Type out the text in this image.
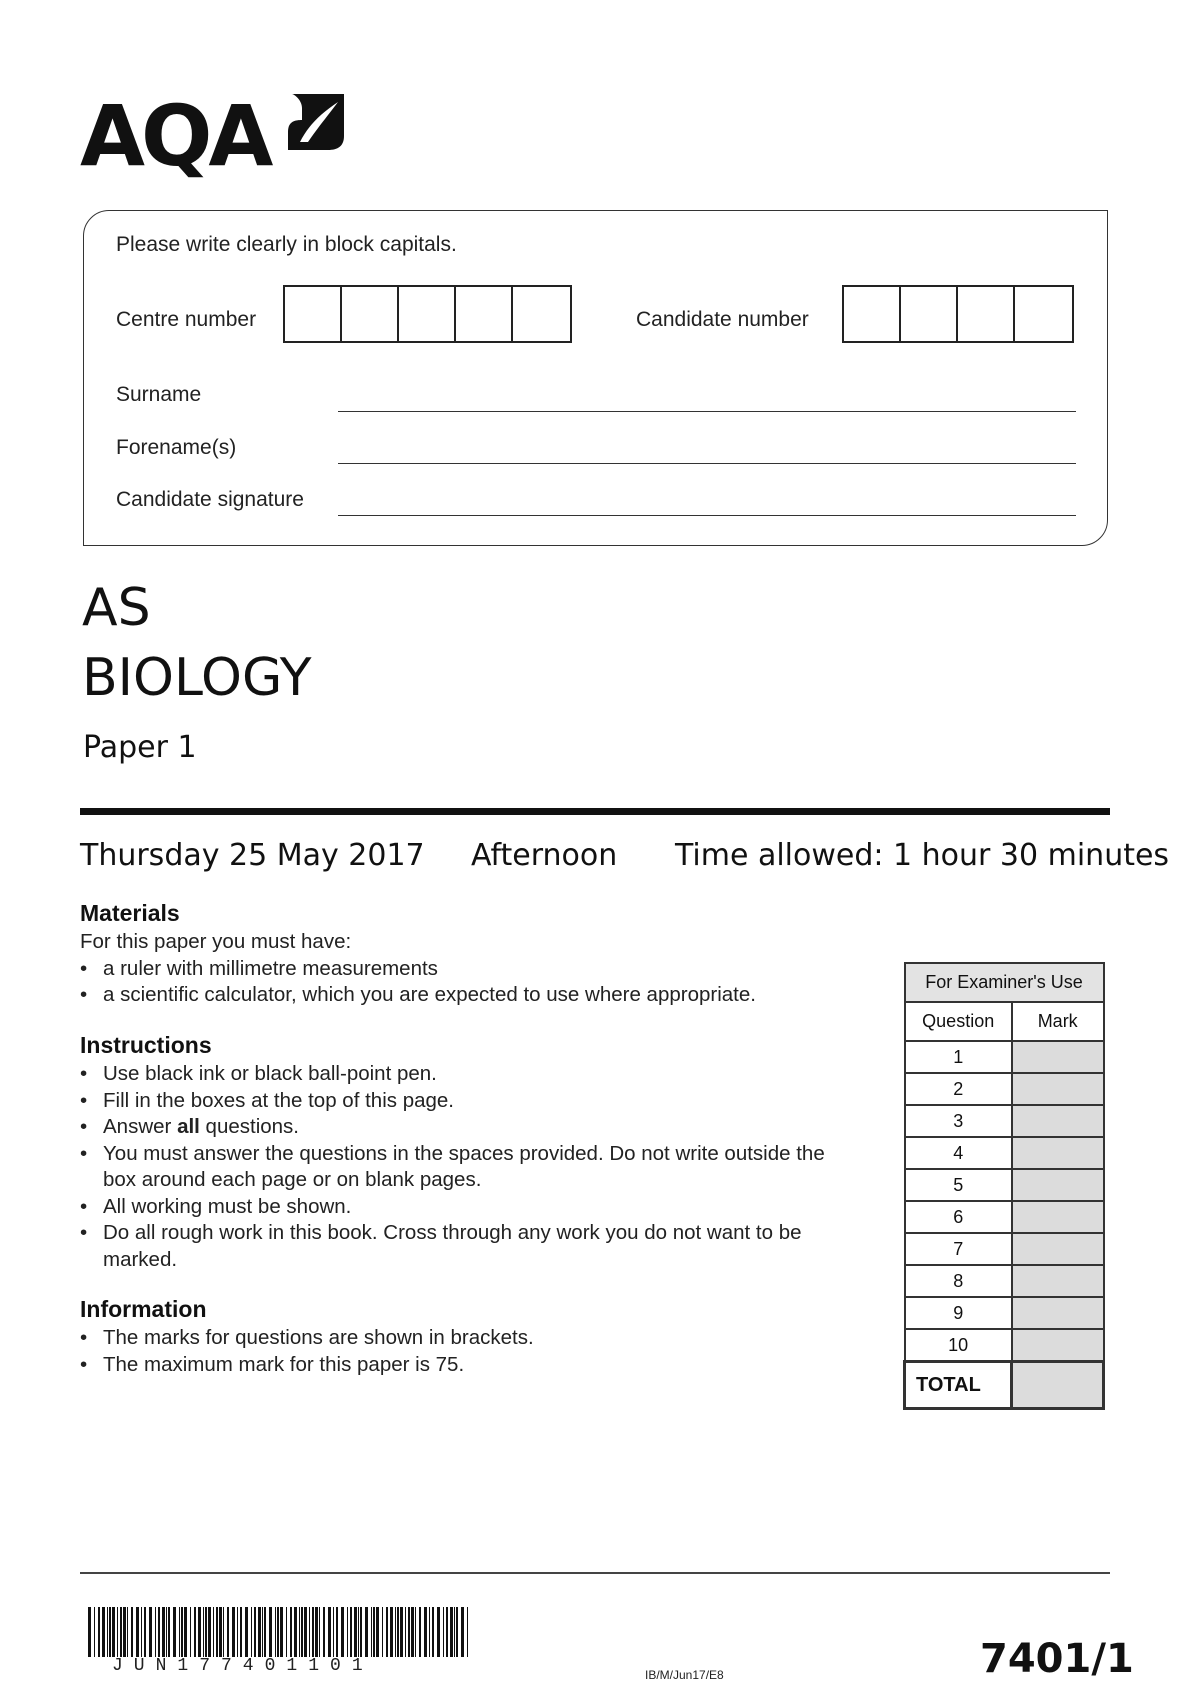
AQA
Please write clearly in block capitals.
Centre number	Candidate number
Surname
Forename(s)
Candidate signature
AS
BIOLOGY
Paper 1
Thursday 25 May 2017 Afternoon Time allowed: 1 hour 30 minutes
Materials
For this paper you must have:
• a ruler with millimetre measurements
• a scientific calculator, which you are expected to use where appropriate.
Instructions
• Use black ink or black ball-point pen.
• Fill in the boxes at the top of this page.
• Answer all questions.
• You must answer the questions in the spaces provided. Do not write outside the box around each page or on blank pages.
• All working must be shown.
• Do all rough work in this book. Cross through any work you do not want to be marked.
Information
• The marks for questions are shown in brackets.
• The maximum mark for this paper is 75.
For Examiner's Use	
Question	Mark
1	
2	
3	
4	
5	
6	
7	
8	
9	
10	
TOTAL	
JUN177401101	IB/M/Jun17/E8	7401/1
